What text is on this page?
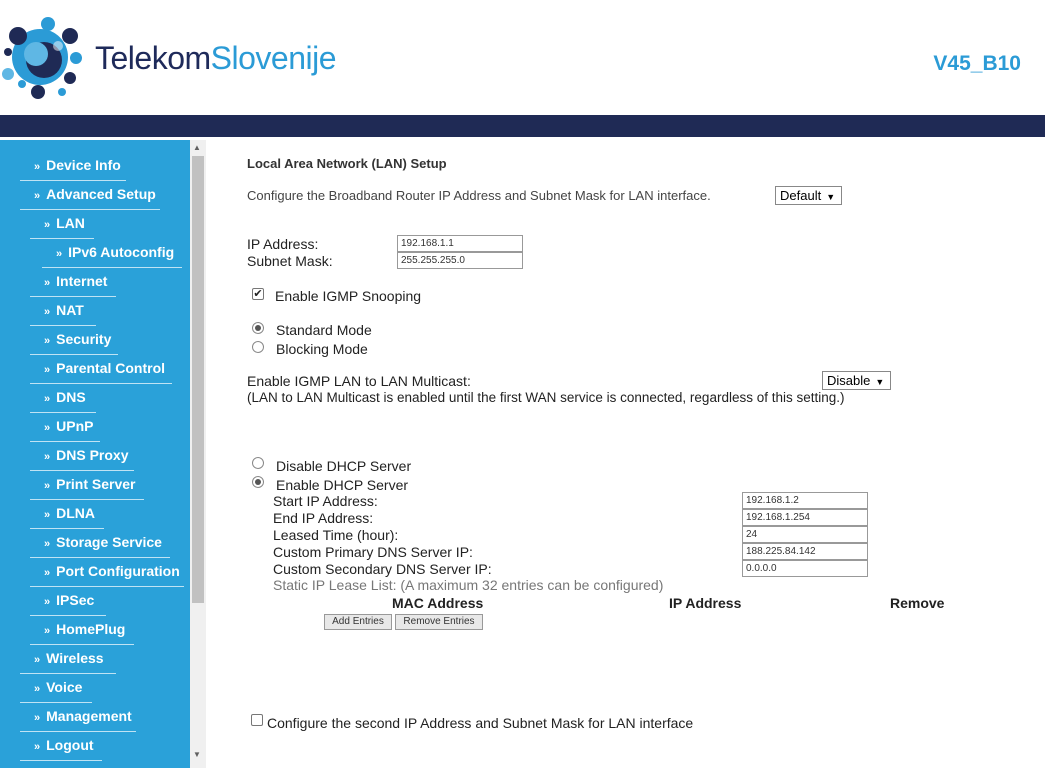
TelekomSlovenije	V45_B10
» Device Info
» Advanced Setup
» LAN
» IPv6 Autoconfig
» Internet
» NAT
» Security
» Parental Control
» DNS
» UPnP
» DNS Proxy
» Print Server
» DLNA
» Storage Service
» Port Configuration
» IPSec
» HomePlug
» Wireless
» Voice
» Management
» Logout
▲
▼
Local Area Network (LAN) Setup
Configure the Broadband Router IP Address and Subnet Mask for LAN interface.	Default ▼
IP Address:	192.168.1.1
Subnet Mask:	255.255.255.0
✔ Enable IGMP Snooping
Standard Mode
Blocking Mode
Enable IGMP LAN to LAN Multicast:	Disable ▼
(LAN to LAN Multicast is enabled until the first WAN service is connected, regardless of this setting.)
Disable DHCP Server
Enable DHCP Server
Start IP Address:	192.168.1.2
End IP Address:	192.168.1.254
Leased Time (hour):	24
Custom Primary DNS Server IP:	188.225.84.142
Custom Secondary DNS Server IP:	0.0.0.0
Static IP Lease List: (A maximum 32 entries can be configured)
MAC Address	IP Address	Remove
Add Entries	Remove Entries
Configure the second IP Address and Subnet Mask for LAN interface
